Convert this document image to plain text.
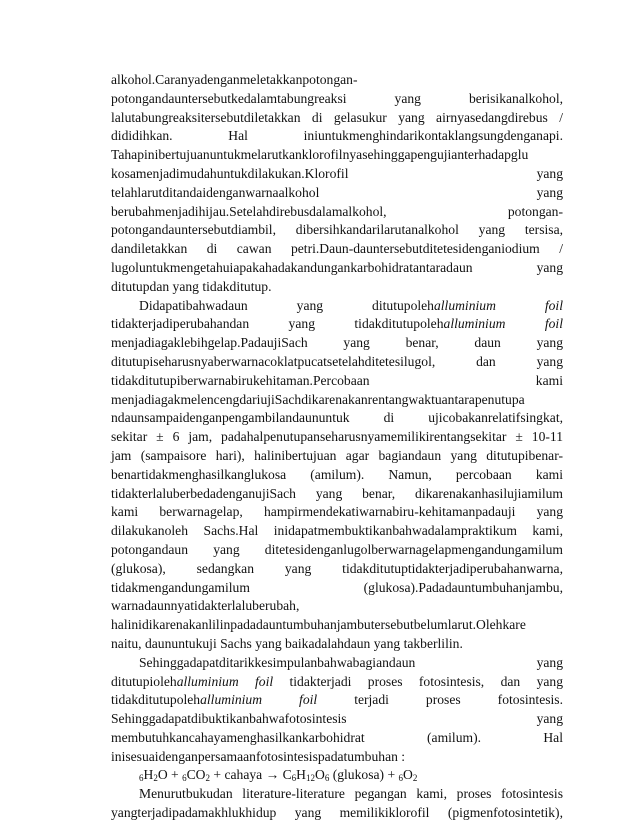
alkohol.Caranyadenganmeletakkanpotongan-
potongandauntersebutkedalamtabungreaksi yang berisikanalkohol,
lalutabungreaksitersebutdiletakkan di gelasukur yang airnyasedangdirebus /
dididihkan. Hal iniuntukmenghindarikontaklangsungdenganapi.
Tahapinibertujuanuntukmelarutkanklorofilnyasehinggapengujianterhadapglu
kosamenjadimudahuntukdilakukan.Klorofil yang
telahlarutditandaidenganwarnaalkohol yang
berubahmenjadihijau.Setelahdirebusdalamalkohol, potongan-
potongandauntersebutdiambil, dibersihkandarilarutanalkohol yang tersisa,
dandiletakkan di cawan petri.Daun-dauntersebutditetesidenganiodium /
lugoluntukmengetahuiapakahadakandungankarbohidratantaradaun yang
ditutupdan yang tidakditutup.
Didapatibahwadaun yang ditutupolehalluminium foil
tidakterjadiperubahandan yang tidakditutupolehalluminium foil
menjadiagaklebihgelap.PadaujiSach yang benar, daun yang
ditutupiseharusnyaberwarnacoklatpucatsetelahditetesilugol, dan yang
tidakditutupiberwarnabirukehitaman.Percobaan kami
menjadiagakmelencengdariujiSachdikarenakanrentangwaktuantarapenutupa
ndaunsampaidenganpengambilandaununtuk di ujicobakanrelatifsingkat,
sekitar ± 6 jam, padahalpenutupanseharusnyamemilikirentangsekitar ± 10-11
jam (sampaisore hari), halinibertujuan agar bagiandaun yang ditutupibenar-
benartidakmenghasilkanglukosa (amilum). Namun, percobaan kami
tidakterlaluberbedadenganujiSach yang benar, dikarenakanhasilujiamilum
kami berwarnagelap, hampirmendekatiwarnabiru-kehitamanpadauji yang
dilakukanoleh Sachs.Hal inidapatmembuktikanbahwadalampraktikum kami,
potongandaun yang ditetesidenganlugolberwarnagelapmengandungamilum
(glukosa), sedangkan yang tidakditutuptidakterjadiperubahanwarna,
tidakmengandungamilum (glukosa).Padadauntumbuhanjambu,
warnadaunnyatidakterlaluberubah,
halinidikarenakanlilinpadadauntumbuhanjambutersebutbelumlarut.Olehkare
naitu, daununtukuji Sachs yang baikadalahdaun yang takberlilin.
Sehinggadapatditarikkesimpulanbahwabagiandaun yang
ditutupiolehalluminium foil tidakterjadi proses fotosintesis, dan yang
tidakditutupolehalluminium foil terjadi proses fotosintesis.
Sehinggadapatdibuktikanbahwafotosintesis yang
membutuhkancahayamenghasilkankarbohidrat (amilum). Hal
inisesuaidenganpersamaanfotosintesispadatumbuhan :
$_6H_2O + _6CO_2$ + cahaya → $C_6H_{12}O_6$ (glukosa) + $_6O_2$
Menurutbukudan literature-literature pegangan kami, proses fotosintesis
yangterjadipadamakhlukhidup yang memilikiklorofil (pigmenfotosintetik),
